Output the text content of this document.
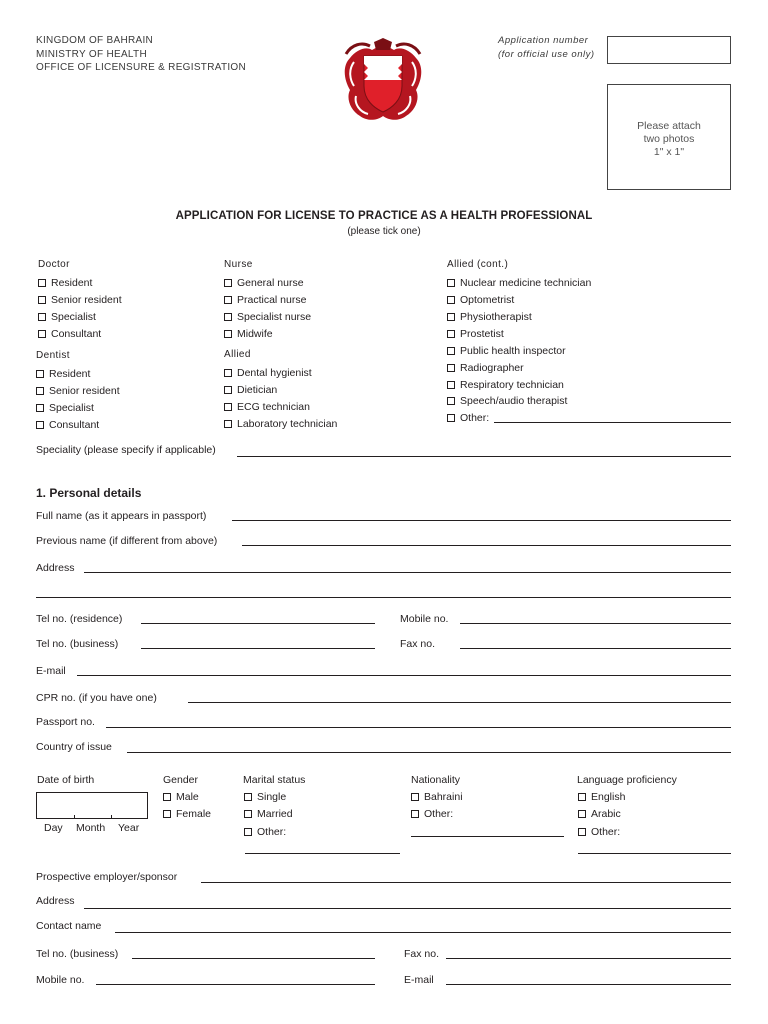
KINGDOM OF BAHRAIN
MINISTRY OF HEALTH
OFFICE OF LICENSURE & REGISTRATION
Application number
(for official use only)
Please attach
two photos
1" x 1"
APPLICATION FOR LICENSE TO PRACTICE AS A HEALTH PROFESSIONAL
(please tick one)
Doctor
Resident
Senior resident
Specialist
Consultant
Dentist
Resident
Senior resident
Specialist
Consultant
Nurse
General nurse
Practical nurse
Specialist nurse
Midwife
Allied
Dental hygienist
Dietician
ECG technician
Laboratory technician
Allied (cont.)
Nuclear medicine technician
Optometrist
Physiotherapist
Prostetist
Public health inspector
Radiographer
Respiratory technician
Speech/audio therapist
Other:
Speciality (please specify if applicable)
1. Personal details
Full name (as it appears in passport)
Previous name (if different from above)
Address
Tel no. (residence)	Mobile no.
Tel no. (business)	Fax no.
E-mail
CPR no. (if you have one)
Passport no.
Country of issue
Date of birth
Day Month Year
Gender
Male
Female
Marital status
Single
Married
Other:
Nationality
Bahraini
Other:
Language proficiency
English
Arabic
Other:
Prospective employer/sponsor
Address
Contact name
Tel no. (business)	Fax no.
Mobile no.	E-mail
